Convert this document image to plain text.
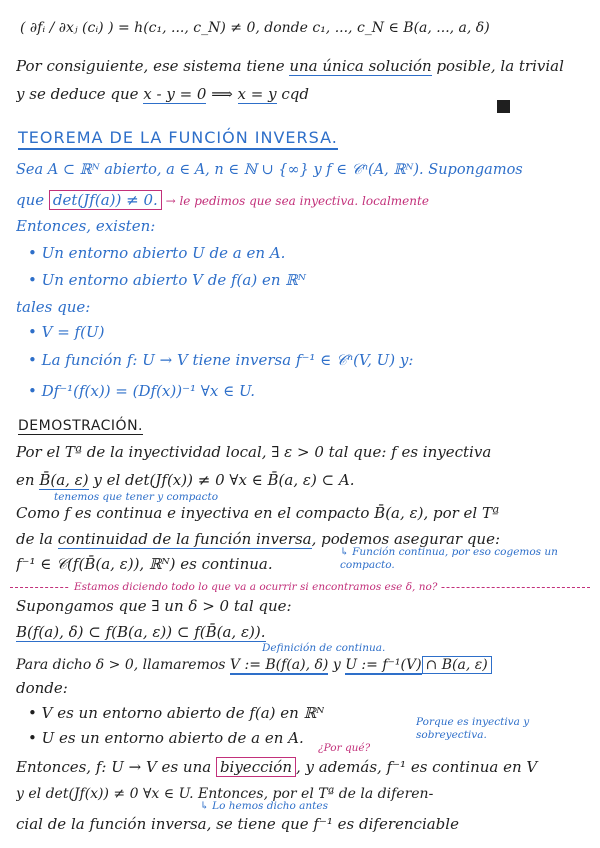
( ∂fᵢ / ∂xⱼ (cᵢ) ) = h(c₁, ..., c_N) ≠ 0, donde c₁, ..., c_N ∈ B(a, ..., a, δ)
Por consiguiente, ese sistema tiene una única solución posible, la trivial
y se deduce que x - y = 0 ⟹ x = y cqd
TEOREMA DE LA FUNCIÓN INVERSA.
Sea A ⊂ ℝᴺ abierto, a ∈ A, n ∈ ℕ ∪ {∞} y f ∈ 𝒞ⁿ(A, ℝᴺ). Supongamos
que det(Jf(a)) ≠ 0. → le pedimos que sea inyectiva. localmente
Entonces, existen:
• Un entorno abierto U de a en A.
• Un entorno abierto V de f(a) en ℝᴺ
tales que:
• V = f(U)
• La función f: U → V tiene inversa f⁻¹ ∈ 𝒞ⁿ(V, U) y:
• Df⁻¹(f(x)) = (Df(x))⁻¹ ∀x ∈ U.
DEMOSTRACIÓN.
Por el Tª de la inyectividad local, ∃ ε > 0 tal que: f es inyectiva
en B̄(a, ε) y el det(Jf(x)) ≠ 0 ∀x ∈ B̄(a, ε) ⊂ A.
tenemos que tener y compacto
Como f es continua e inyectiva en el compacto B̄(a, ε), por el Tª
de la continuidad de la función inversa, podemos asegurar que:
f⁻¹ ∈ 𝒞(f(B̄(a, ε)), ℝᴺ) es continua.
↳ Función continua, por eso cogemos un compacto.
Estamos diciendo todo lo que va a ocurrir si encontramos ese δ, no?
Supongamos que ∃ un δ > 0 tal que:
B(f(a), δ) ⊂ f(B(a, ε)) ⊂ f(B̄(a, ε)).
Definición de continua.
Para dicho δ > 0, llamaremos V := B(f(a), δ) y U := f⁻¹(V) ∩ B(a, ε)
donde:
• V es un entorno abierto de f(a) en ℝᴺ	Porque es inyectiva y sobreyectiva.
• U es un entorno abierto de a en A.
¿Por qué?
Entonces, f: U → V es una biyección , y además, f⁻¹ es continua en V
y el det(Jf(x)) ≠ 0 ∀x ∈ U. Entonces, por el Tª de la diferen-
↳ Lo hemos dicho antes
cial de la función inversa, se tiene que f⁻¹ es diferenciable
